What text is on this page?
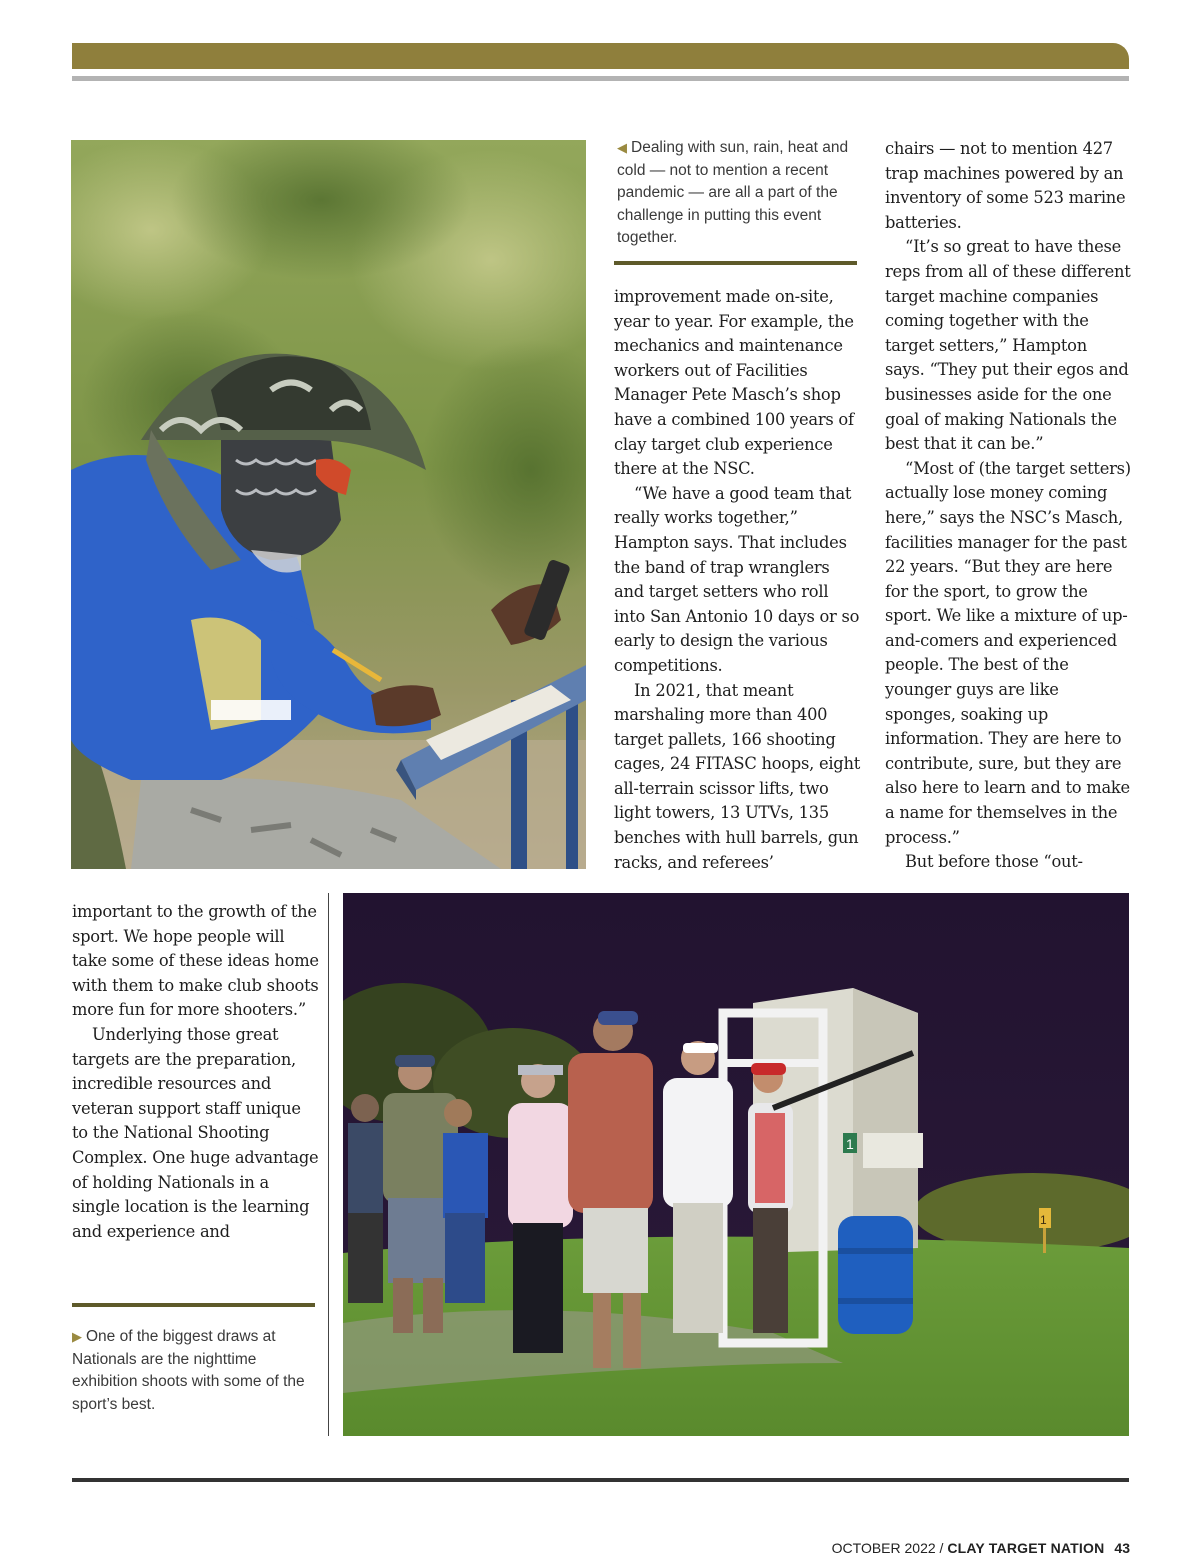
◀ Dealing with sun, rain, heat and cold — not to mention a recent pandemic — are all a part of the challenge in putting this event together.

improvement made on-site, year to year. For example, the mechanics and maintenance workers out of Facilities Manager Pete Masch’s shop have a combined 100 years of clay target club experience there at the NSC.

“We have a good team that really works together,” Hampton says. That includes the band of trap wranglers and target setters who roll into San Antonio 10 days or so early to design the various competitions.

In 2021, that meant marshaling more than 400 target pallets, 166 shooting cages, 24 FITASC hoops, eight all-terrain scissor lifts, two light towers, 13 UTVs, 135 benches with hull barrels, gun racks, and referees’

chairs — not to mention 427 trap machines powered by an inventory of some 523 marine batteries.

“It’s so great to have these reps from all of these different target machine companies coming together with the target setters,” Hampton says. “They put their egos and businesses aside for the one goal of making Nationals the best that it can be.”

“Most of (the target setters) actually lose money coming here,” says the NSC’s Masch, facilities manager for the past 22 years. “But they are here for the sport, to grow the sport. We like a mixture of up-and-comers and experienced people. The best of the younger guys are like sponges, soaking up information. They are here to contribute, sure, but they are also here to learn and to make a name for themselves in the process.”

But before those “out-

important to the growth of the sport. We hope people will take some of these ideas home with them to make club shoots more fun for more shooters.”

Underlying those great targets are the preparation, incredible resources and veteran support staff unique to the National Shooting Complex. One huge advantage of holding Nationals in a single location is the learning and experience and

▶ One of the biggest draws at Nationals are the nighttime exhibition shoots with some of the sport’s best.
1
1
OCTOBER 2022 / CLAY TARGET NATION 43
